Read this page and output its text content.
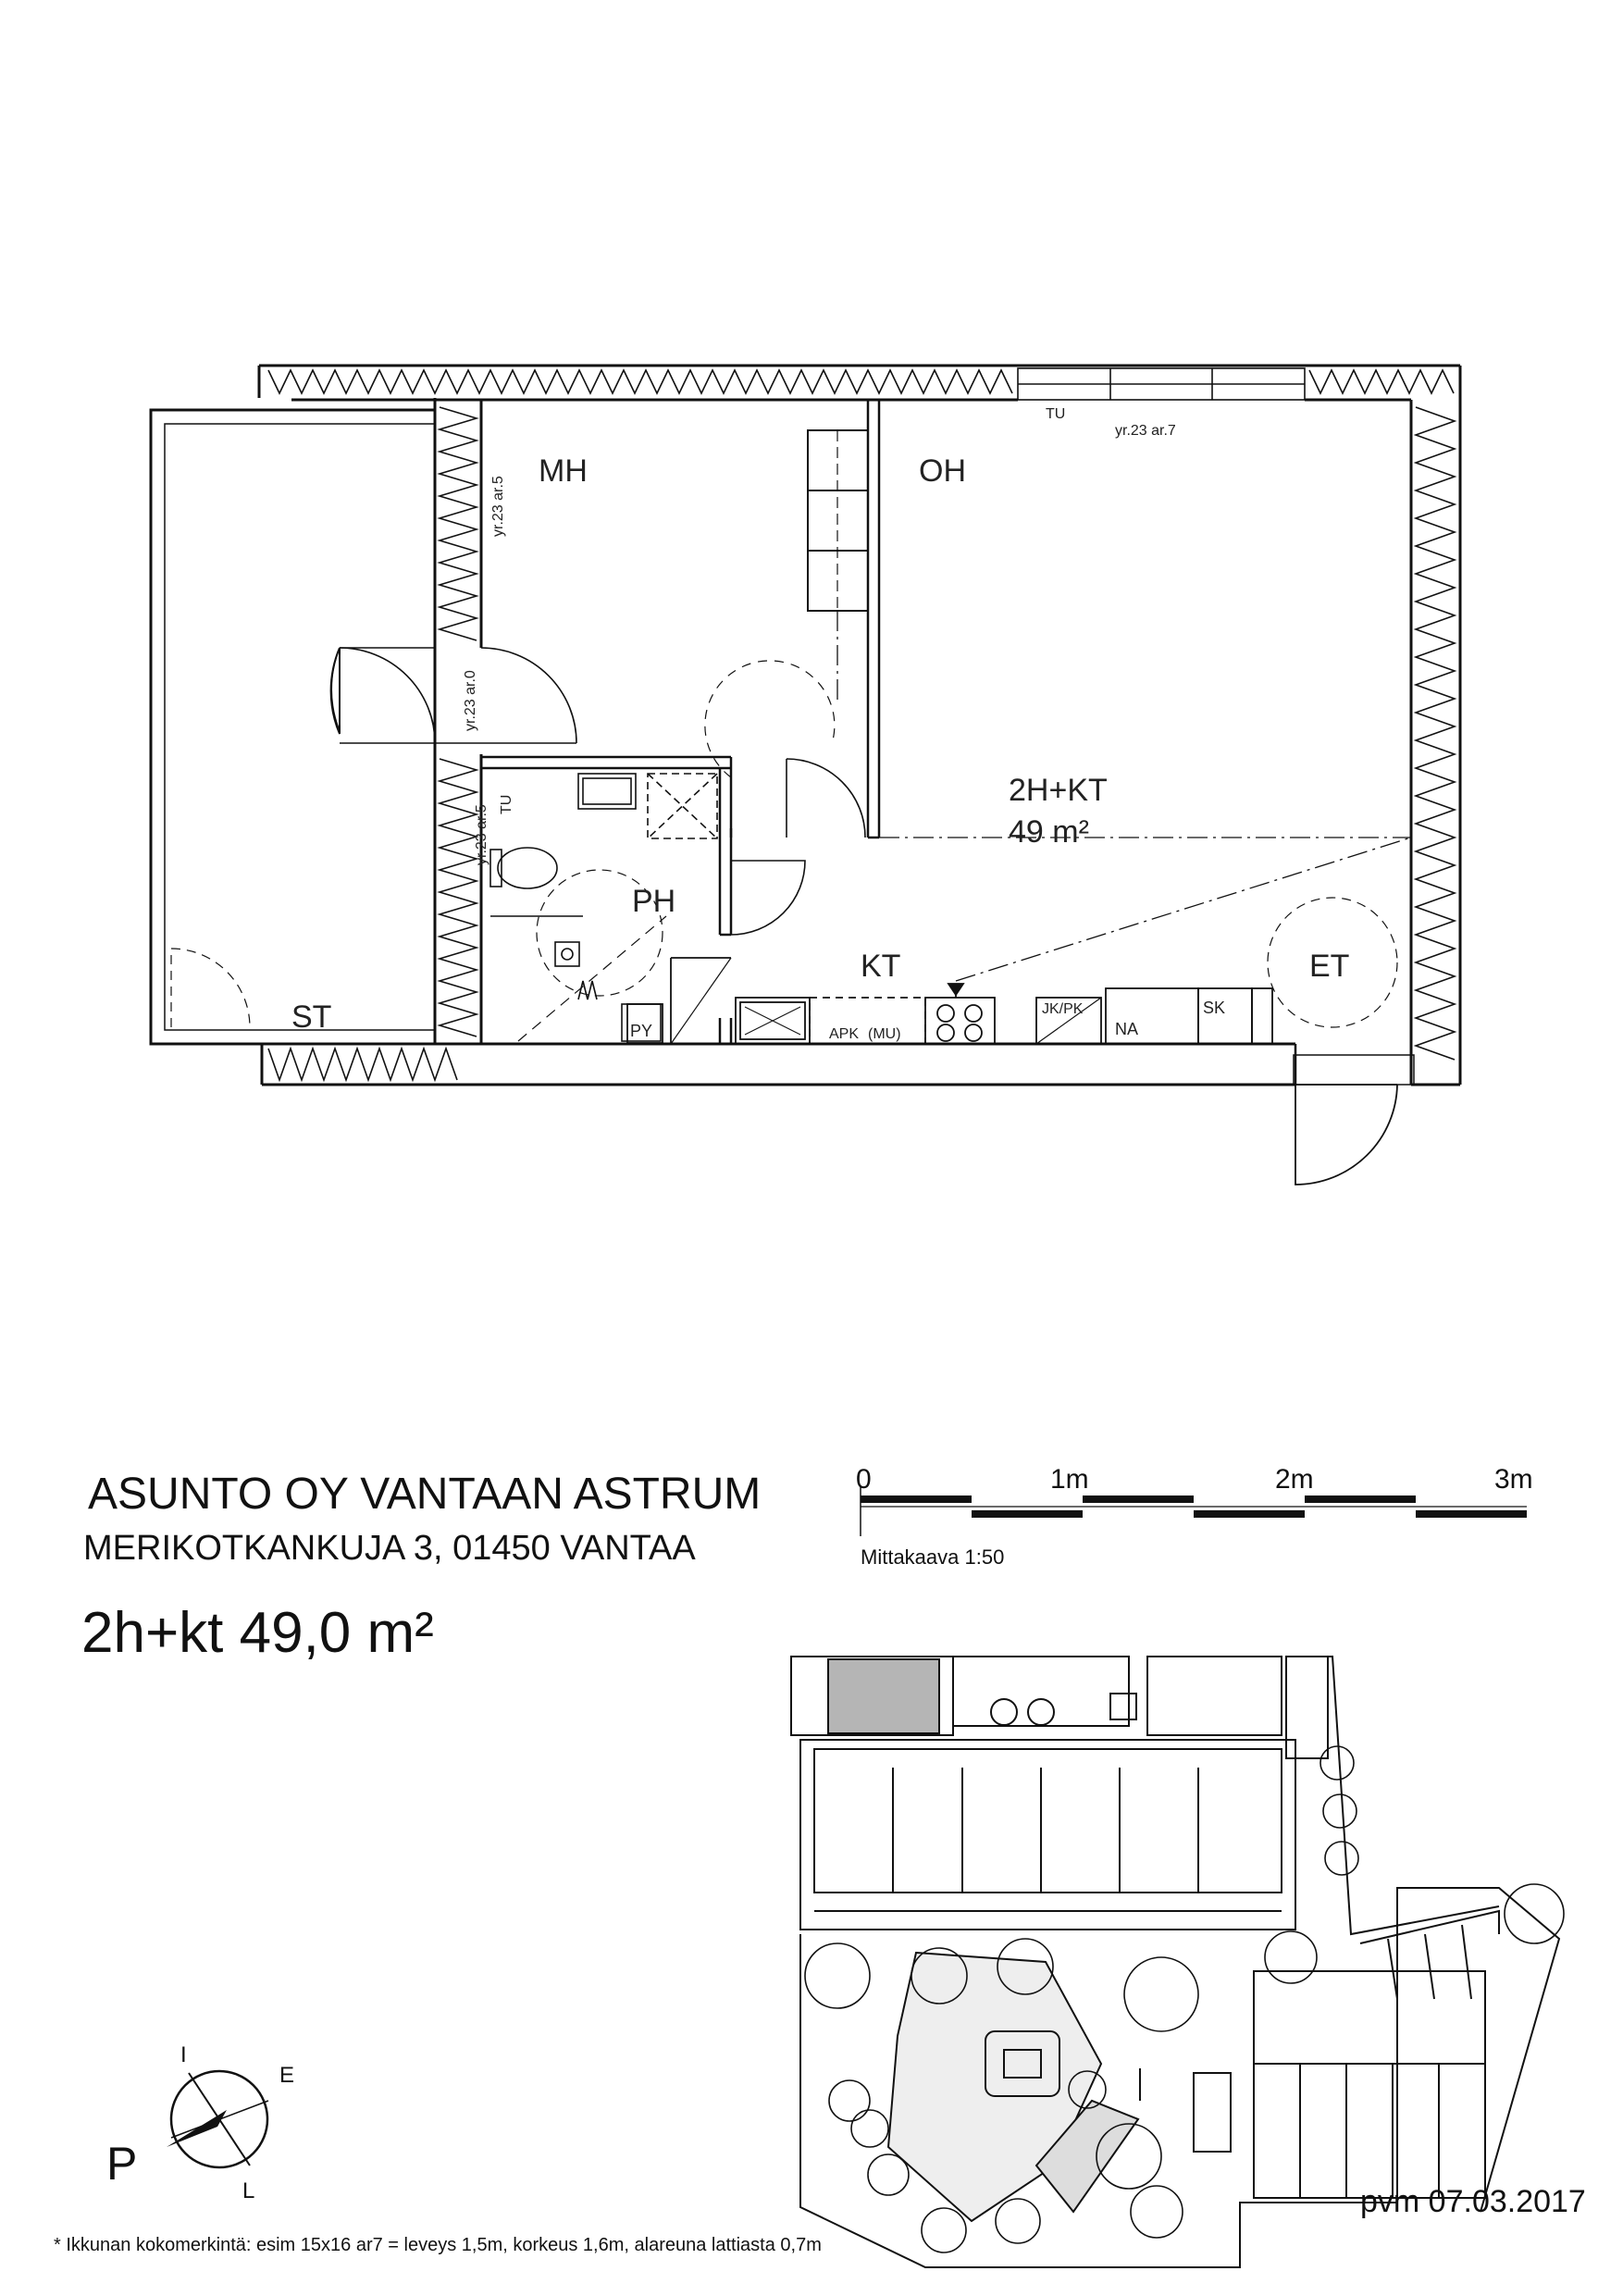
MH	OH
PH
KT	ET
ST
2H+KT
49 m²
TU
yr.23 ar.7
yr.23 ar.5
yr.23 ar.0
yr.23 ar.5 TU
PY	APK (MU)
JK/PK
NA
SK
ASUNTO OY VANTAAN ASTRUM
MERIKOTKANKUJA 3, 01450 VANTAA
2h+kt 49,0 m²
0	1m	2m	3m
Mittakaava 1:50
P
I
E
L	pvm 07.03.2017
* Ikkunan kokomerkintä: esim 15x16 ar7 = leveys 1,5m, korkeus 1,6m, alareuna lattiasta 0,7m
